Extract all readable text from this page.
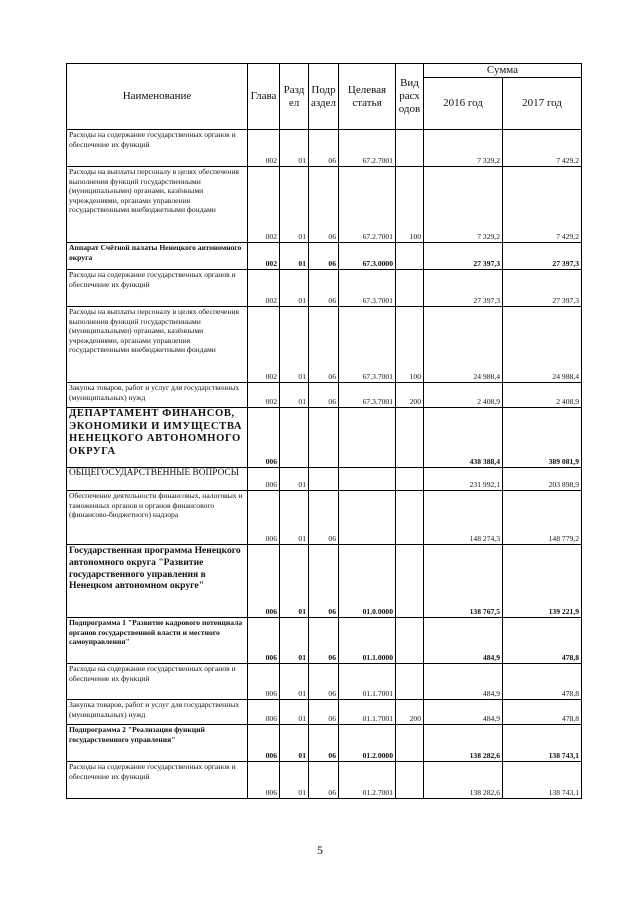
Наименование	Глава	Разд ел	Подр аздел	Целевая статья	Вид расх одов	Сумма	
						2016 год	2017 год
Расходы на содержание государственных органов и обеспечение их функций	002	01	06	67.2.7001		7 329,2	7 429,2
Расходы на выплаты персоналу в целях обеспечения выполнения функций государственными (муниципальными) органами, казёнными учреждениями, органами управления государственными внебюджетными фондами	002	01	06	67.2.7001	100	7 329,2	7 429,2
Аппарат Счётной палаты Ненецкого автономного округа	002	01	06	67.3.0000		27 397,3	27 397,3
Расходы на содержание государственных органов и обеспечение их функций	002	01	06	67.3.7001		27 397,3	27 397,3
Расходы на выплаты персоналу в целях обеспечения выполнения функций государственными (муниципальными) органами, казёнными учреждениями, органами управления государственными внебюджетными фондами	002	01	06	67.3.7001	100	24 988,4	24 988,4
Закупка товаров, работ и услуг для государственных (муниципальных) нужд	002	01	06	67.3.7001	200	2 408,9	2 408,9
ДЕПАРТАМЕНТ ФИНАНСОВ, ЭКОНОМИКИ И ИМУЩЕСТВА НЕНЕЦКОГО АВТОНОМНОГО ОКРУГА	006					438 388,4	389 081,9
ОБЩЕГОСУДАРСТВЕННЫЕ ВОПРОСЫ	006	01				231 992,1	203 898,9
Обеспечение деятельности финансовых, налоговых и таможенных органов и органов финансового (финансово-бюджетного) надзора	006	01	06			148 274,3	148 779,2
Государственная программа Ненецкого автономного округа "Развитие государственного управления в Ненецком автономном округе"	006	01	06	01.0.0000		138 767,5	139 221,9
Подпрограмма 1 "Развитие кадрового потенциала органов государственной власти и местного самоуправления"	006	01	06	01.1.0000		484,9	478,8
Расходы на содержание государственных органов и обеспечение их функций	006	01	06	01.1.7001		484,9	478,8
Закупка товаров, работ и услуг для государственных (муниципальных) нужд	006	01	06	01.1.7001	200	484,9	478,8
Подпрограмма 2 "Реализация функций государственного управления"	006	01	06	01.2.0000		138 282,6	138 743,1
Расходы на содержание государственных органов и обеспечение их функций	006	01	06	01.2.7001		138 282,6	138 743,1
5
